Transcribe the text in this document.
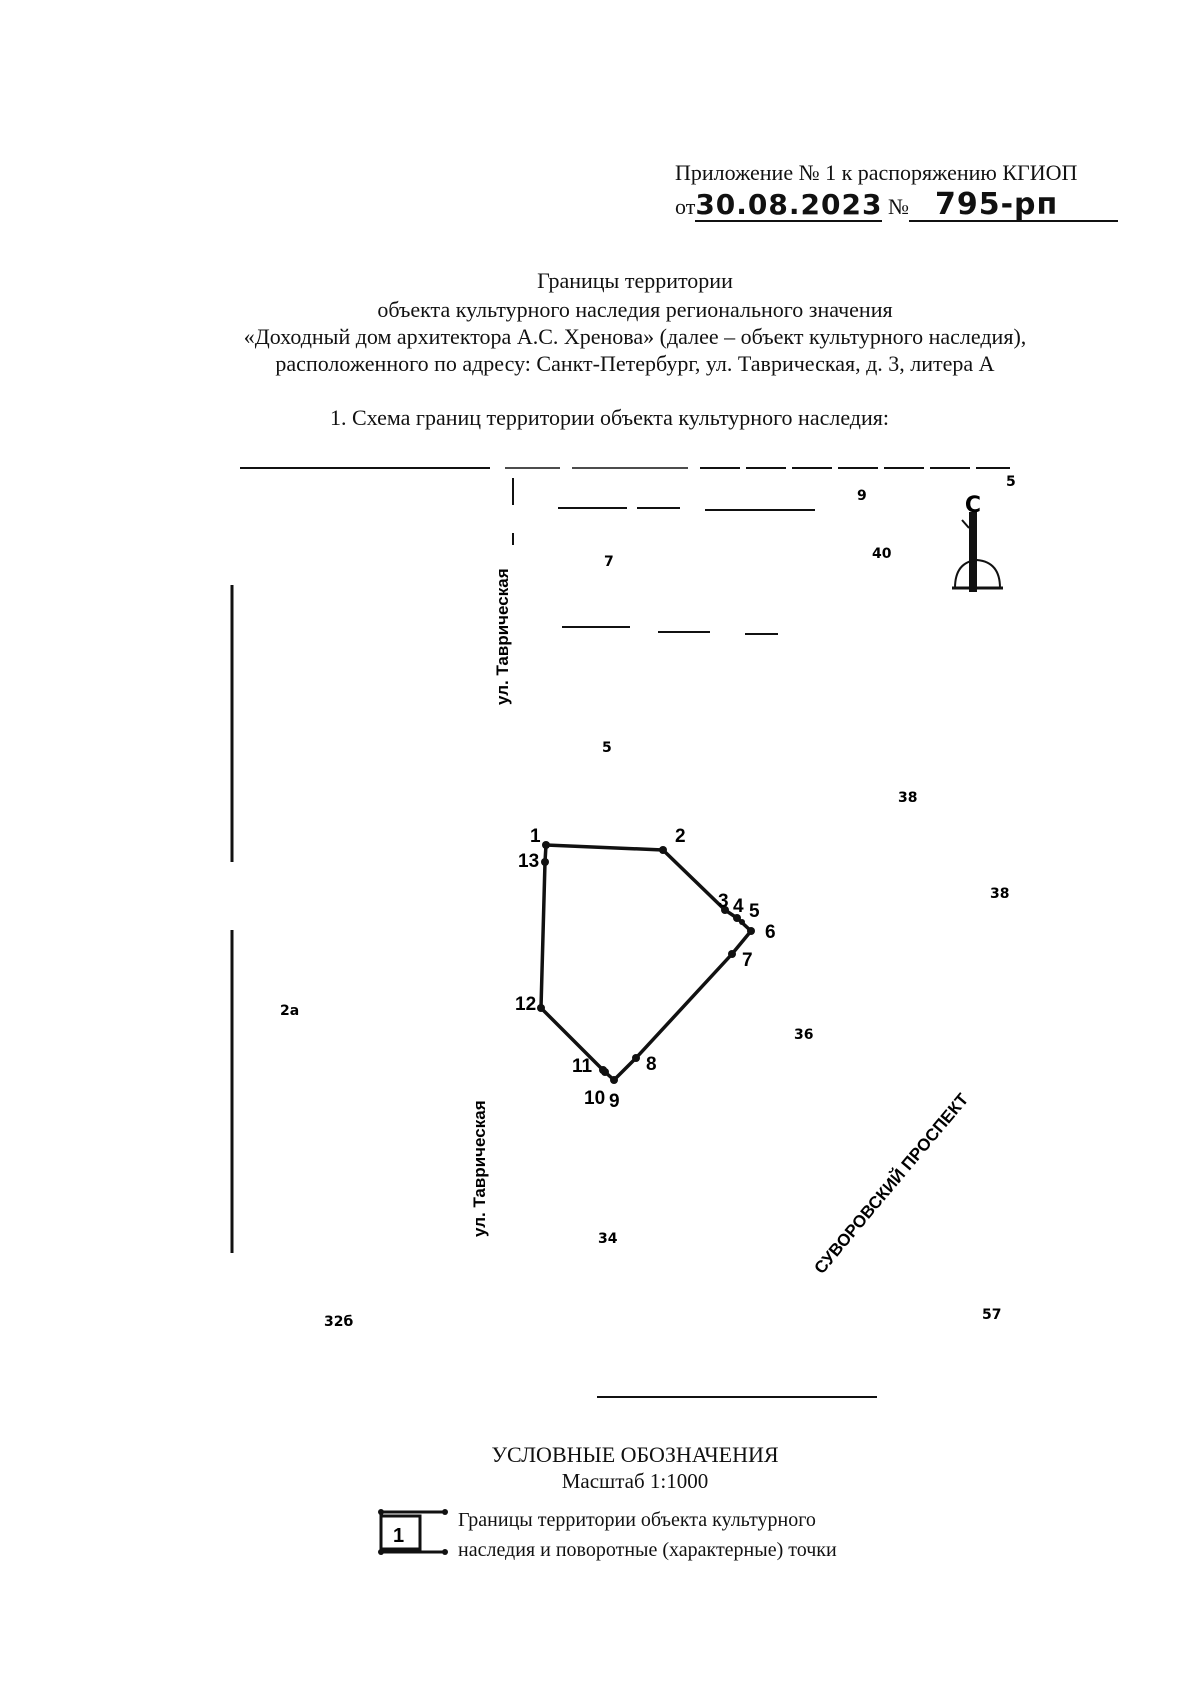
Приложение № 1 к распоряжению КГИОП
от30.08.2023 № 795-рп
Границы территории
объекта культурного наследия регионального значения
«Доходный дом архитектора А.С. Хренова» (далее – объект культурного наследия),
расположенного по адресу: Санкт-Петербург, ул. Таврическая, д. 3, литера А
1. Схема границ территории объекта культурного наследия:
С
ул. Таврическая
ул. Таврическая	СУВОРОВСКИЙ ПРОСПЕКТ
9
40
7
5
38
38
36
2а
34
32б	57
5
1	2
3 4 5
6
7
8
9
10
11
12
13
1
УСЛОВНЫЕ ОБОЗНАЧЕНИЯ
Масштаб 1:1000
Границы территории объекта культурного
наследия и поворотные (характерные) точки
